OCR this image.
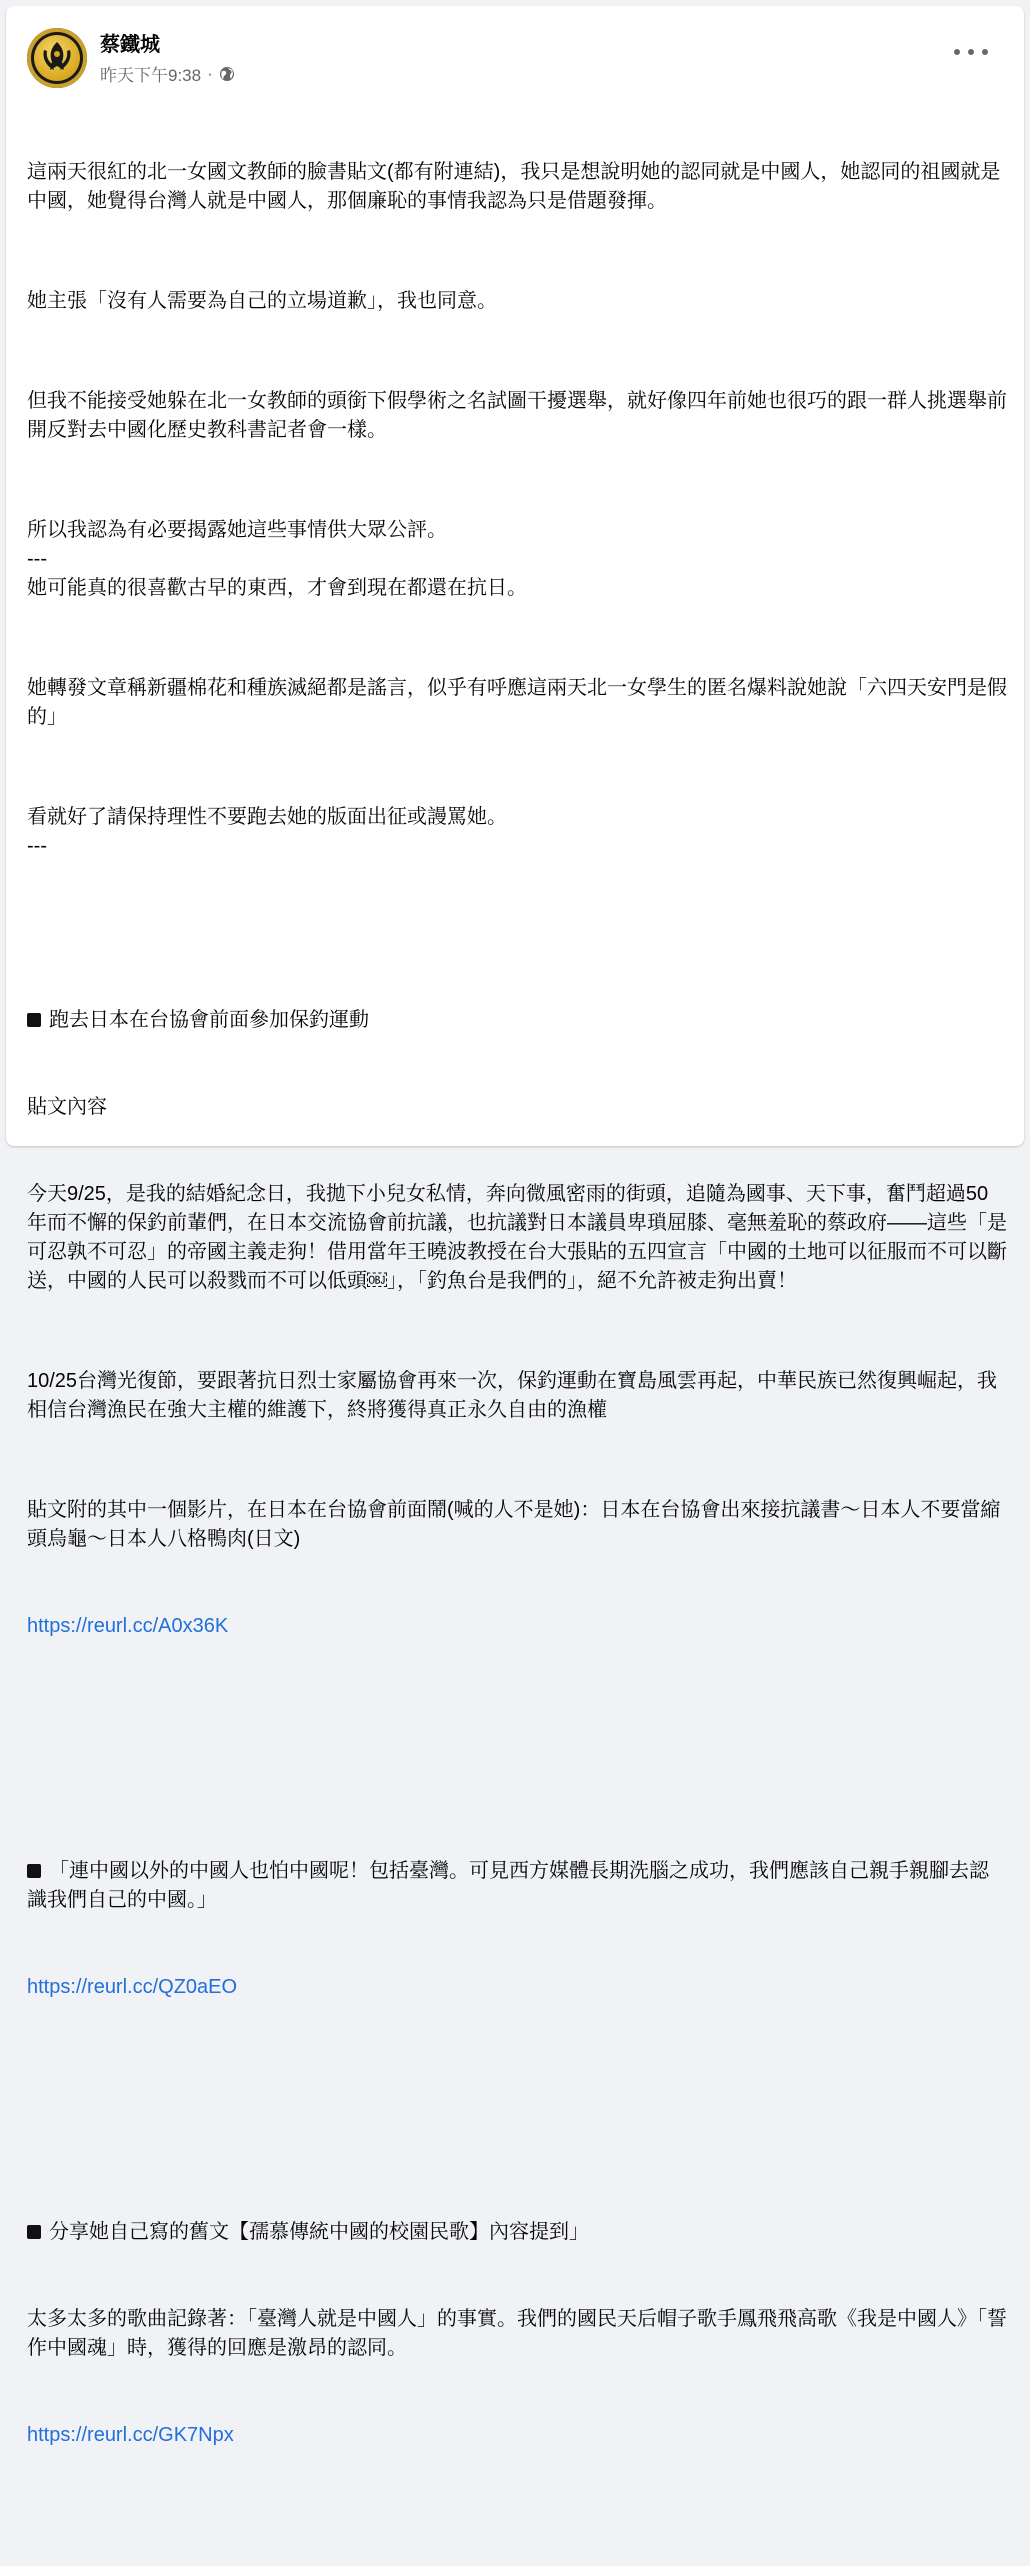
蔡鐵城
昨天下午9:38 ·

這兩天很紅的北一女國文教師的臉書貼文(都有附連結)，我只是想說明她的認同就是中國人，她認同的祖國就是中國，她覺得台灣人就是中國人，那個廉恥的事情我認為只是借題發揮。

她主張「沒有人需要為自己的立場道歉」，我也同意。

但我不能接受她躲在北一女教師的頭銜下假學術之名試圖干擾選舉，就好像四年前她也很巧的跟一群人挑選舉前開反對去中國化歷史教科書記者會一樣。

所以我認為有必要揭露她這些事情供大眾公評。
---
她可能真的很喜歡古早的東西，才會到現在都還在抗日。

她轉發文章稱新疆棉花和種族滅絕都是謠言，似乎有呼應這兩天北一女學生的匿名爆料說她說「六四天安門是假的」

看就好了請保持理性不要跑去她的版面出征或謾罵她。
---

跑去日本在台協會前面參加保釣運動

貼文內容

今天9/25，是我的結婚紀念日，我拋下小兒女私情，奔向微風密雨的街頭，追隨為國事、天下事，奮鬥超過50年而不懈的保釣前輩們，在日本交流協會前抗議，也抗議對日本議員卑瑣屈膝、毫無羞恥的蔡政府——這些「是可忍孰不可忍」的帝國主義走狗！借用當年王曉波教授在台大張貼的五四宣言「中國的土地可以征服而不可以斷送，中國的人民可以殺戮而不可以低頭￼」，「釣魚台是我們的」，絕不允許被走狗出賣！

10/25台灣光復節，要跟著抗日烈士家屬協會再來一次，保釣運動在寶島風雲再起，中華民族已然復興崛起，我相信台灣漁民在強大主權的維護下，終將獲得真正永久自由的漁權

貼文附的其中一個影片，在日本在台協會前面鬧(喊的人不是她)：日本在台協會出來接抗議書～日本人不要當縮頭烏龜～日本人八格鴨肉(日文)

https://reurl.cc/A0x36K

「連中國以外的中國人也怕中國呢！包括臺灣。可見西方媒體長期洗腦之成功，我們應該自己親手親腳去認識我們自己的中國。」

https://reurl.cc/QZ0aEO

分享她自己寫的舊文【孺慕傳統中國的校園民歌】內容提到」

太多太多的歌曲記錄著：「臺灣人就是中國人」的事實。我們的國民天后帽子歌手鳳飛飛高歌《我是中國人》「誓作中國魂」時，獲得的回應是激昂的認同。

https://reurl.cc/GK7Npx
